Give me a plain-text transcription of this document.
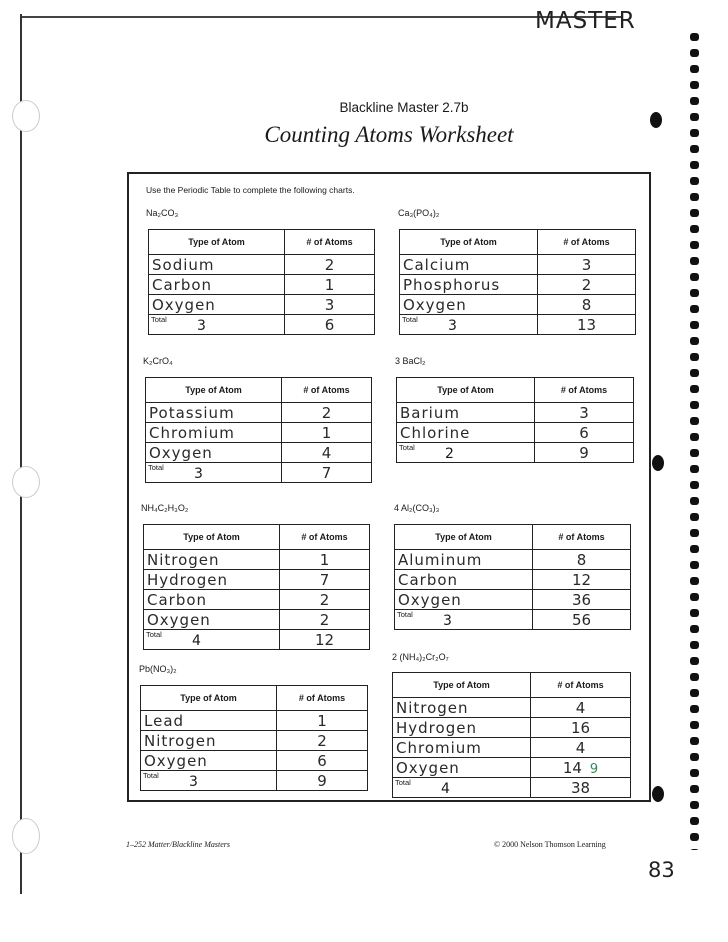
MASTER
Blackline Master 2.7b
Counting Atoms Worksheet
Use the Periodic Table to complete the following charts.
Na₂CO₃
Type of Atom	# of Atoms
Sodium	2
Carbon	1
Oxygen	3
Total 3	6
Ca₃(PO₄)₂
Type of Atom	# of Atoms
Calcium	3
Phosphorus	2
Oxygen	8
Total 3	13
K₂CrO₄
Type of Atom	# of Atoms
Potassium	2
Chromium	1
Oxygen	4
Total 3	7
3 BaCl₂
Type of Atom	# of Atoms
Barium	3
Chlorine	6
Total 2	9
NH₄C₂H₃O₂
Type of Atom	# of Atoms
Nitrogen	1
Hydrogen	7
Carbon	2
Oxygen	2
Total 4	12
4 Al₂(CO₃)₃
Type of Atom	# of Atoms
Aluminum	8
Carbon	12
Oxygen	36
Total 3	56
Pb(NO₃)₂
Type of Atom	# of Atoms
Lead	1
Nitrogen	2
Oxygen	6
Total 3	9
2 (NH₄)₂Cr₂O₇
Type of Atom	# of Atoms
Nitrogen	4
Hydrogen	16
Chromium	4
Oxygen	14 9
Total 4	38
1–252 Matter/Blackline Masters	© 2000 Nelson Thomson Learning
83
